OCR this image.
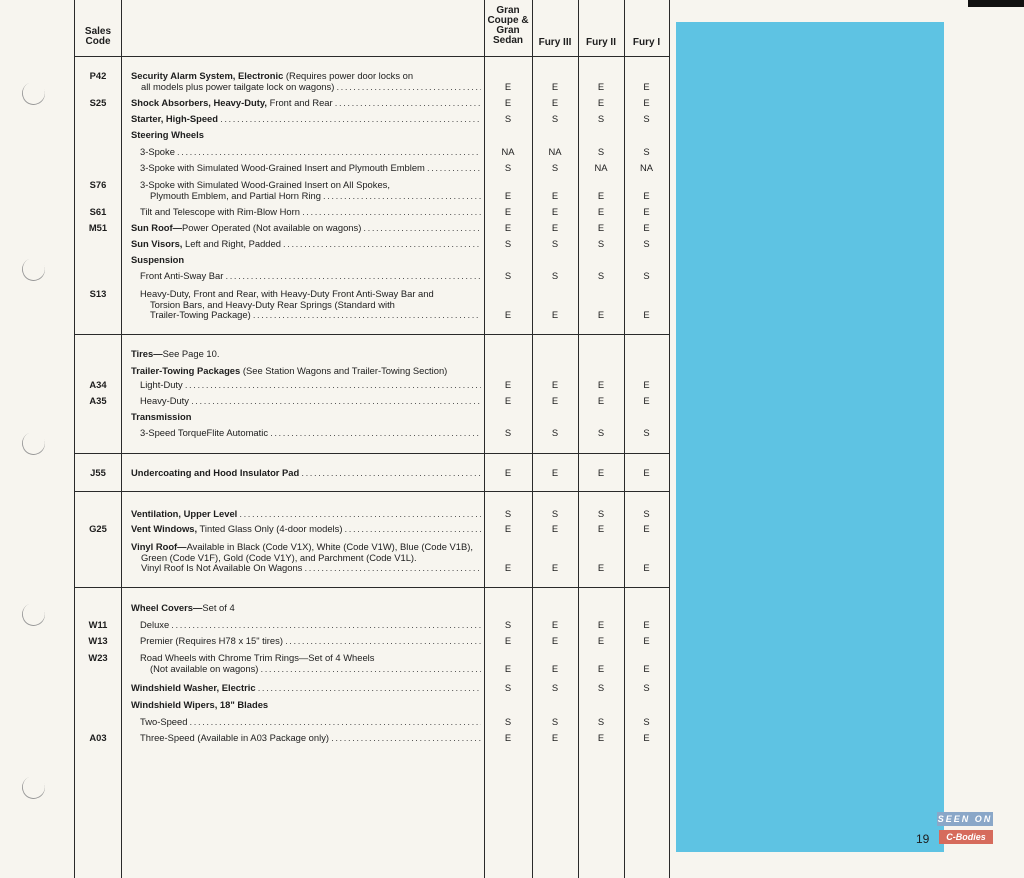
Sales
Code
Gran
Coupe &
Gran
Sedan	Fury III	Fury II	Fury I
P42	Security Alarm System, Electronic (Requires power door locks on
all models plus power tailgate lock on wagons) . . .	E	E	E	E
S25	Shock Absorbers, Heavy-Duty, Front and Rear . . .	E	E	E	E
Starter, High-Speed . . .	S	S	S	S
Steering Wheels
3-Spoke . . .	NA	NA	S	S
3-Spoke with Simulated Wood-Grained Insert and Plymouth Emblem . . .	S	S	NA	NA
S76	3-Spoke with Simulated Wood-Grained Insert on All Spokes,
Plymouth Emblem, and Partial Horn Ring . . .	E	E	E	E
S61	Tilt and Telescope with Rim-Blow Horn . . .	E	E	E	E
M51	Sun Roof—Power Operated (Not available on wagons) . . .	E	E	E	E
Sun Visors, Left and Right, Padded . . .	S	S	S	S
Suspension
Front Anti-Sway Bar . . .	S	S	S	S
S13	Heavy-Duty, Front and Rear, with Heavy-Duty Front Anti-Sway Bar and
Torsion Bars, and Heavy-Duty Rear Springs (Standard with
Trailer-Towing Package) . . .	E	E	E	E
Tires—See Page 10.
Trailer-Towing Packages (See Station Wagons and Trailer-Towing Section)
A34	Light-Duty . . .	E	E	E	E
A35	Heavy-Duty . . .	E	E	E	E
Transmission
3-Speed TorqueFlite Automatic . . .	S	S	S	S
J55	Undercoating and Hood Insulator Pad . . .	E	E	E	E
Ventilation, Upper Level . . .	S	S	S	S
G25	Vent Windows, Tinted Glass Only (4-door models) . . .	E	E	E	E
Vinyl Roof—Available in Black (Code V1X), White (Code V1W), Blue (Code V1B),
Green (Code V1F), Gold (Code V1Y), and Parchment (Code V1L).
Vinyl Roof Is Not Available On Wagons . . .	E	E	E	E
Wheel Covers—Set of 4
W11	Deluxe . . .	S	E	E	E
W13	Premier (Requires H78 x 15" tires) . . .	E	E	E	E
W23	Road Wheels with Chrome Trim Rings—Set of 4 Wheels
(Not available on wagons) . . .	E	E	E	E
Windshield Washer, Electric . . .	S	S	S	S
Windshield Wipers, 18" Blades
Two-Speed . . .	S	S	S	S
A03	Three-Speed (Available in A03 Package only) . . .	E	E	E	E
19
SEEN ON
C-Bodies
